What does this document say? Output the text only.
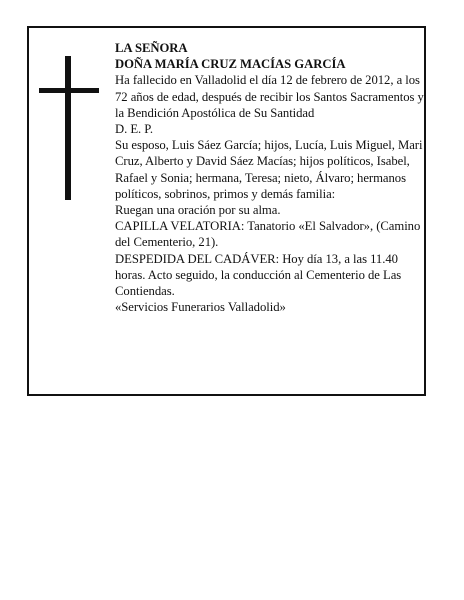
LA SEÑORA

DOÑA MARÍA CRUZ MACÍAS GARCÍA

Ha fallecido en Valladolid el día 12 de febrero de 2012, a los 72 años de edad, después de recibir los Santos Sacramentos y la Bendición Apostólica de Su Santidad

D. E. P.

Su esposo, Luis Sáez García; hijos, Lucía, Luis Miguel, Mari Cruz, Alberto y David Sáez Macías; hijos políticos, Isabel, Rafael y Sonia; hermana, Teresa; nieto, Álvaro; hermanos políticos, sobrinos, primos y demás familia:

Ruegan una oración por su alma.

CAPILLA VELATORIA: Tanatorio «El Salvador», (Camino del Cementerio, 21).

DESPEDIDA DEL CADÁVER: Hoy día 13, a las 11.40 horas. Acto seguido, la conducción al Cementerio de Las Contiendas.

«Servicios Funerarios Valladolid»
